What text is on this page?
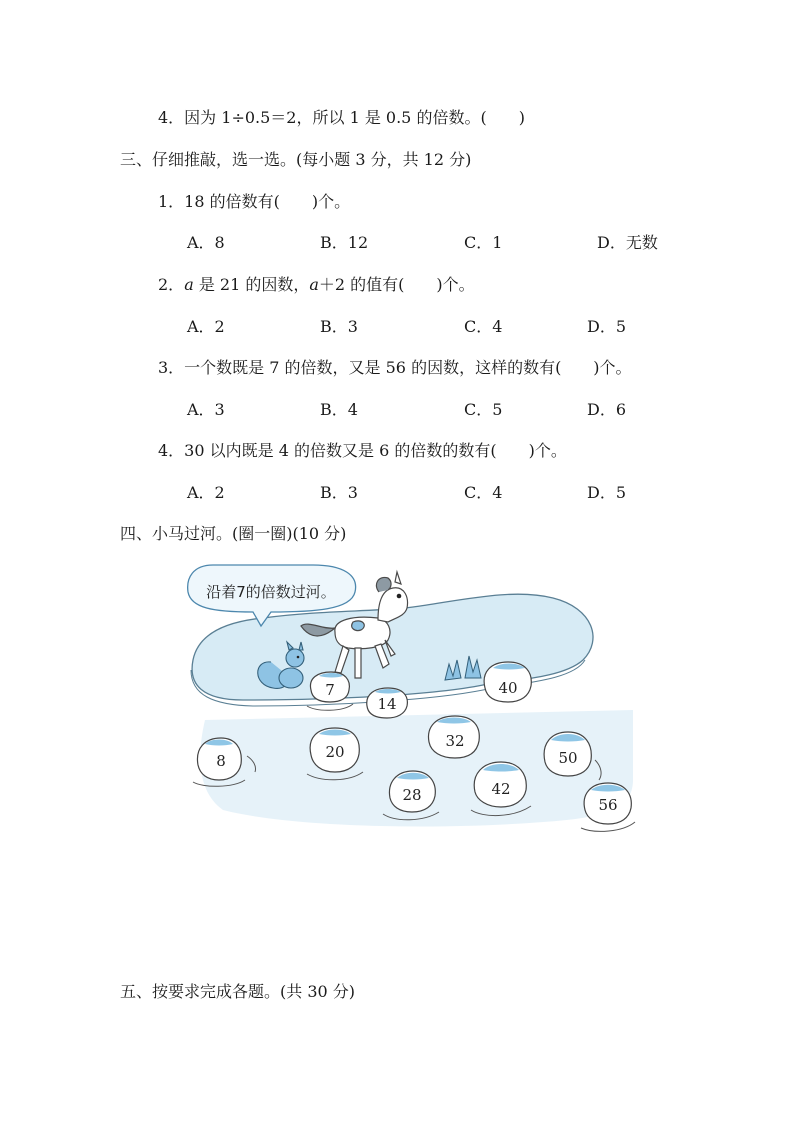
4．因为 1÷0.5＝2，所以 1 是 0.5 的倍数。(　　)
三、仔细推敲，选一选。(每小题 3 分，共 12 分)
1．18 的倍数有(　　)个。
A．8	B．12	C．1	D．无数
2．a 是 21 的因数，a＋2 的值有(　　)个。
A．2	B．3	C．4	D．5
3．一个数既是 7 的倍数，又是 56 的因数，这样的数有(　　)个。
A．3	B．4	C．5	D．6
4．30 以内既是 4 的倍数又是 6 的倍数的数有(　　)个。
A．2	B．3	C．4	D．5
四、小马过河。(圈一圈)(10 分)
沿着7的倍数过河。
7
14
40
8	20
32
50
28	42
56
五、按要求完成各题。(共 30 分)
